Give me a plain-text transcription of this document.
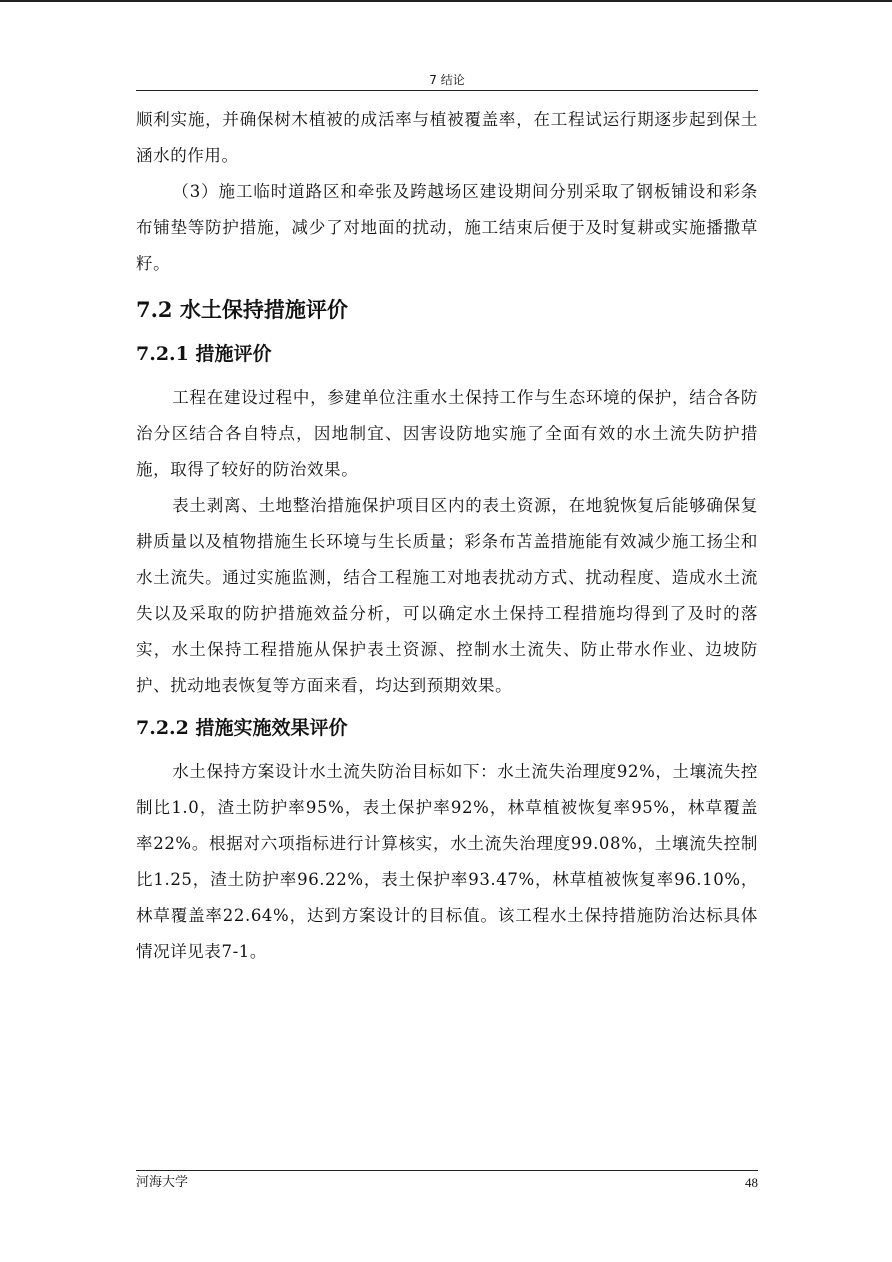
7 结论

顺利实施，并确保树木植被的成活率与植被覆盖率，在工程试运行期逐步起到保土涵水的作用。

（3）施工临时道路区和牵张及跨越场区建设期间分别采取了钢板铺设和彩条布铺垫等防护措施，减少了对地面的扰动，施工结束后便于及时复耕或实施播撒草籽。

7.2 水土保持措施评价
7.2.1 措施评价

工程在建设过程中，参建单位注重水土保持工作与生态环境的保护，结合各防治分区结合各自特点，因地制宜、因害设防地实施了全面有效的水土流失防护措施，取得了较好的防治效果。

表土剥离、土地整治措施保护项目区内的表土资源，在地貌恢复后能够确保复耕质量以及植物措施生长环境与生长质量；彩条布苫盖措施能有效减少施工扬尘和水土流失。通过实施监测，结合工程施工对地表扰动方式、扰动程度、造成水土流失以及采取的防护措施效益分析，可以确定水土保持工程措施均得到了及时的落实，水土保持工程措施从保护表土资源、控制水土流失、防止带水作业、边坡防护、扰动地表恢复等方面来看，均达到预期效果。

7.2.2 措施实施效果评价

水土保持方案设计水土流失防治目标如下：水土流失治理度92%，土壤流失控制比1.0，渣土防护率95%，表土保护率92%，林草植被恢复率95%，林草覆盖率22%。根据对六项指标进行计算核实，水土流失治理度99.08%，土壤流失控制比1.25，渣土防护率96.22%，表土保护率93.47%，林草植被恢复率96.10%，林草覆盖率22.64%，达到方案设计的目标值。该工程水土保持措施防治达标具体情况详见表7-1。

河海大学	48
